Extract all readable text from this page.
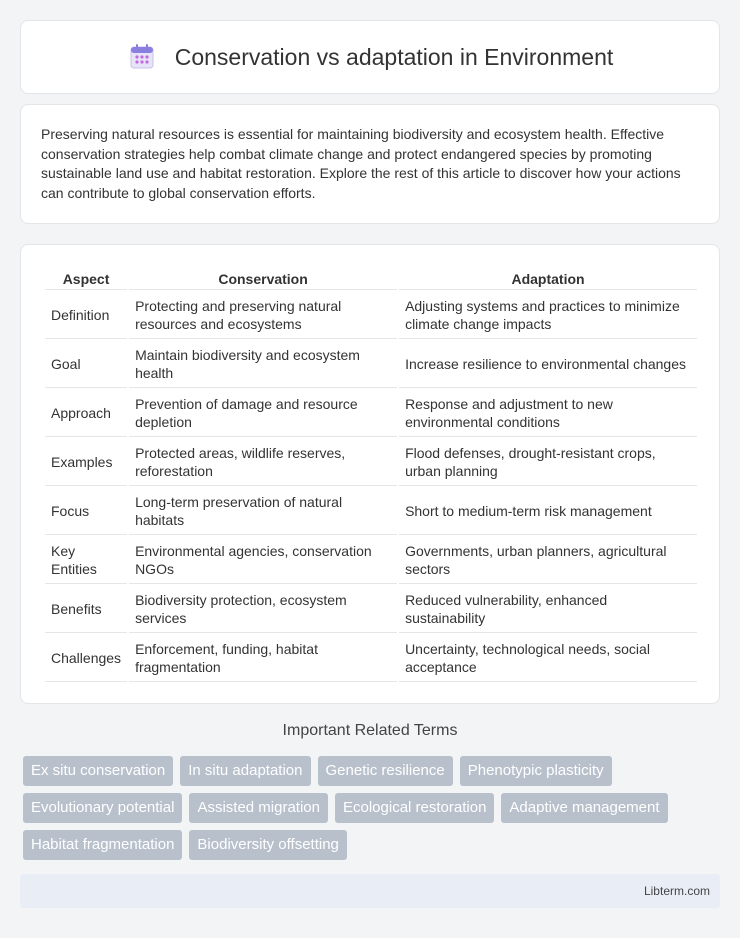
Conservation vs adaptation in Environment

Preserving natural resources is essential for maintaining biodiversity and ecosystem health. Effective conservation strategies help combat climate change and protect endangered species by promoting sustainable land use and habitat restoration. Explore the rest of this article to discover how your actions can contribute to global conservation efforts.

Aspect	Conservation	Adaptation
Definition	Protecting and preserving natural resources and ecosystems	Adjusting systems and practices to minimize climate change impacts
Goal	Maintain biodiversity and ecosystem health	Increase resilience to environmental changes
Approach	Prevention of damage and resource depletion	Response and adjustment to new environmental conditions
Examples	Protected areas, wildlife reserves, reforestation	Flood defenses, drought-resistant crops, urban planning
Focus	Long-term preservation of natural habitats	Short to medium-term risk management
Key Entities	Environmental agencies, conservation NGOs	Governments, urban planners, agricultural sectors
Benefits	Biodiversity protection, ecosystem services	Reduced vulnerability, enhanced sustainability
Challenges	Enforcement, funding, habitat fragmentation	Uncertainty, technological needs, social acceptance
Important Related Terms
Ex situ conservation	In situ adaptation	Genetic resilience	Phenotypic plasticity
Evolutionary potential	Assisted migration	Ecological restoration	Adaptive management
Habitat fragmentation	Biodiversity offsetting
Libterm.com
